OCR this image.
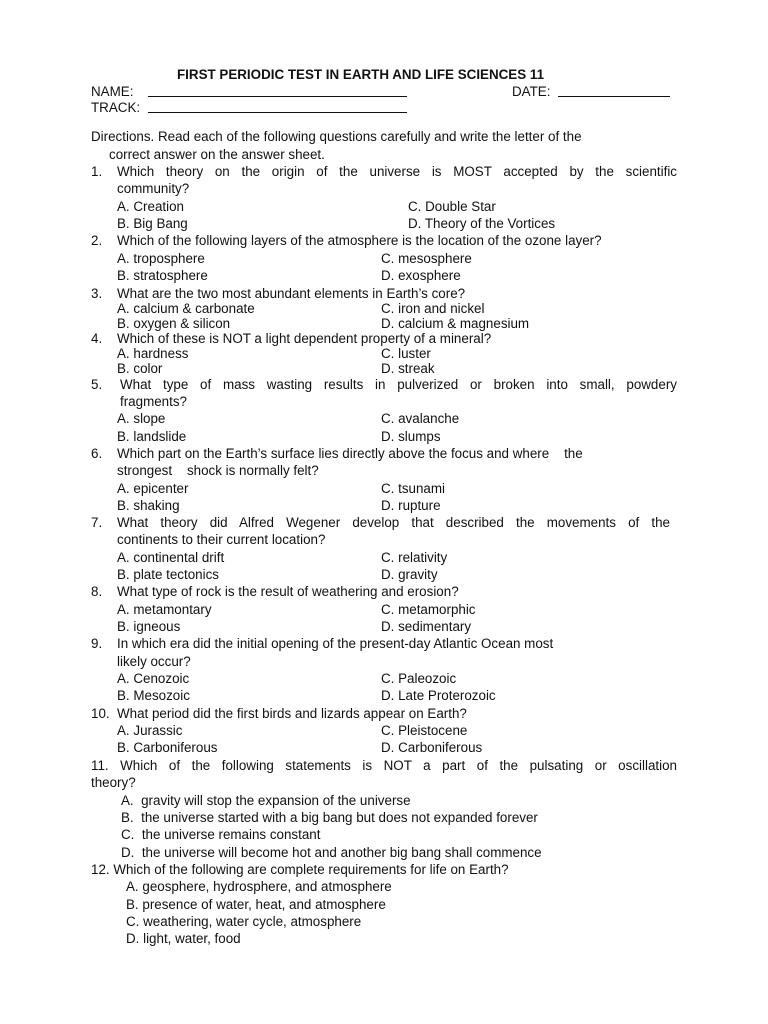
FIRST PERIODIC TEST IN EARTH AND LIFE SCIENCES 11
NAME:	DATE:
TRACK:
Directions. Read each of the following questions carefully and write the letter of the
correct answer on the answer sheet.
1. Which theory on the origin of the universe is MOST accepted by the scientific
community?
A. Creation	C. Double Star
B. Big Bang	D. Theory of the Vortices
2. Which of the following layers of the atmosphere is the location of the ozone layer?
A. troposphere	C. mesosphere
B. stratosphere	D. exosphere
3. What are the two most abundant elements in Earth’s core?
A. calcium & carbonate	C. iron and nickel
B. oxygen & silicon	D. calcium & magnesium
4. Which of these is NOT a light dependent property of a mineral?
A. hardness	C. luster
B. color	D. streak
5. What type of mass wasting results in pulverized or broken into small, powdery
fragments?
A. slope	C. avalanche
B. landslide	D. slumps
6. Which part on the Earth’s surface lies directly above the focus and where    the
strongest    shock is normally felt?
A. epicenter	C. tsunami
B. shaking	D. rupture
7. What theory did Alfred Wegener develop that described the movements of the
continents to their current location?
A. continental drift	C. relativity
B. plate tectonics	D. gravity
8. What type of rock is the result of weathering and erosion?
A. metamontary	C. metamorphic
B. igneous	D. sedimentary
9. In which era did the initial opening of the present-day Atlantic Ocean most
likely occur?
A. Cenozoic	C. Paleozoic
B. Mesozoic	D. Late Proterozoic
10. What period did the first birds and lizards appear on Earth?
A. Jurassic	C. Pleistocene
B. Carboniferous	D. Carboniferous
11. Which of the following statements is NOT a part of the pulsating or oscillation
theory?
A.  gravity will stop the expansion of the universe
B.  the universe started with a big bang but does not expanded forever
C.  the universe remains constant
D.  the universe will become hot and another big bang shall commence
12. Which of the following are complete requirements for life on Earth?
A. geosphere, hydrosphere, and atmosphere
B. presence of water, heat, and atmosphere
C. weathering, water cycle, atmosphere
D. light, water, food
